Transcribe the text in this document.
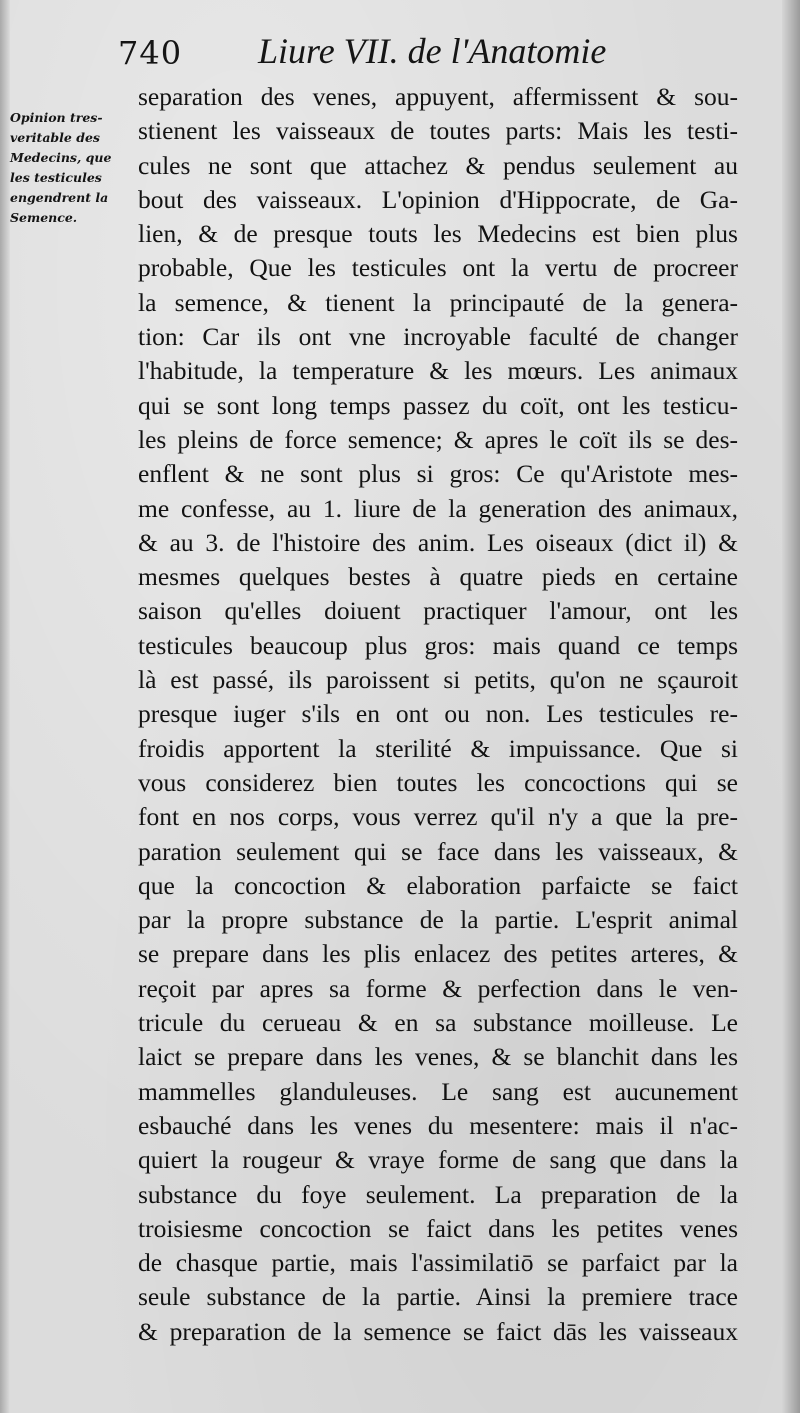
740 Liure VII. de l'Anatomie
Opinion tres-
veritable des
Medecins, que
les testicules
engendrent la
Semence.
separation des venes, appuyent, affermissent & sou-
stienent les vaisseaux de toutes parts: Mais les testi-
cules ne sont que attachez & pendus seulement au
bout des vaisseaux. L'opinion d'Hippocrate, de Ga-
lien, & de presque touts les Medecins est bien plus
probable, Que les testicules ont la vertu de procreer
la semence, & tienent la principauté de la genera-
tion: Car ils ont vne incroyable faculté de changer
l'habitude, la temperature & les mœurs. Les animaux
qui se sont long temps passez du coït, ont les testicu-
les pleins de force semence; & apres le coït ils se des-
enflent & ne sont plus si gros: Ce qu'Aristote mes-
me confesse, au 1. liure de la generation des animaux,
& au 3. de l'histoire des anim. Les oiseaux (dict il) &
mesmes quelques bestes à quatre pieds en certaine
saison qu'elles doiuent practiquer l'amour, ont les
testicules beaucoup plus gros: mais quand ce temps
là est passé, ils paroissent si petits, qu'on ne sçauroit
presque iuger s'ils en ont ou non. Les testicules re-
froidis apportent la sterilité & impuissance. Que si
vous considerez bien toutes les concoctions qui se
font en nos corps, vous verrez qu'il n'y a que la pre-
paration seulement qui se face dans les vaisseaux, &
que la concoction & elaboration parfaicte se faict
par la propre substance de la partie. L'esprit animal
se prepare dans les plis enlacez des petites arteres, &
reçoit par apres sa forme & perfection dans le ven-
tricule du cerueau & en sa substance moilleuse. Le
laict se prepare dans les venes, & se blanchit dans les
mammelles glanduleuses. Le sang est aucunement
esbauché dans les venes du mesentere: mais il n'ac-
quiert la rougeur & vraye forme de sang que dans la
substance du foye seulement. La preparation de la
troisiesme concoction se faict dans les petites venes
de chasque partie, mais l'assimilatiō se parfaict par la
seule substance de la partie. Ainsi la premiere trace
& preparation de la semence se faict dās les vaisseaux
